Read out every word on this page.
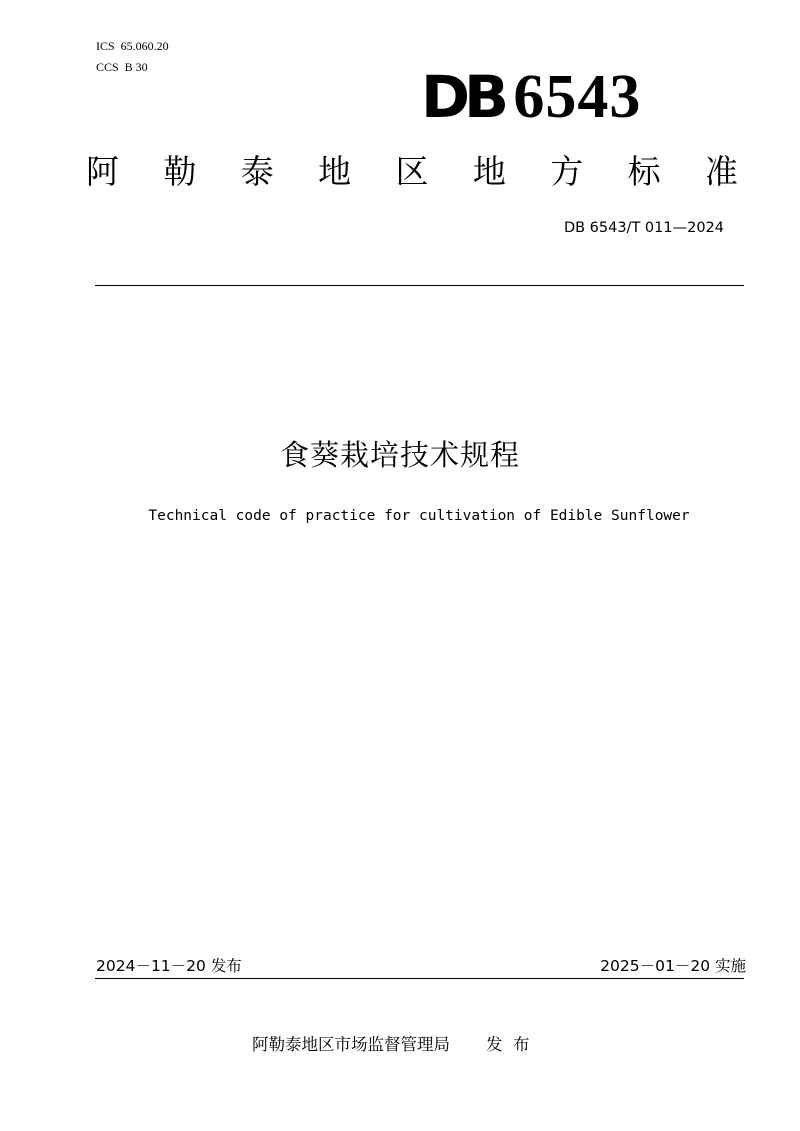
ICS  65.060.20
CCS  B 30	DB 6543
阿 勒 泰 地 区 地 方 标 准
DB 6543/T 011—2024
食葵栽培技术规程
Technical code of practice for cultivation of Edible Sunflower
2024－11－20 发布	2025－01－20 实施
阿勒泰地区市场监督管理局 发  布
